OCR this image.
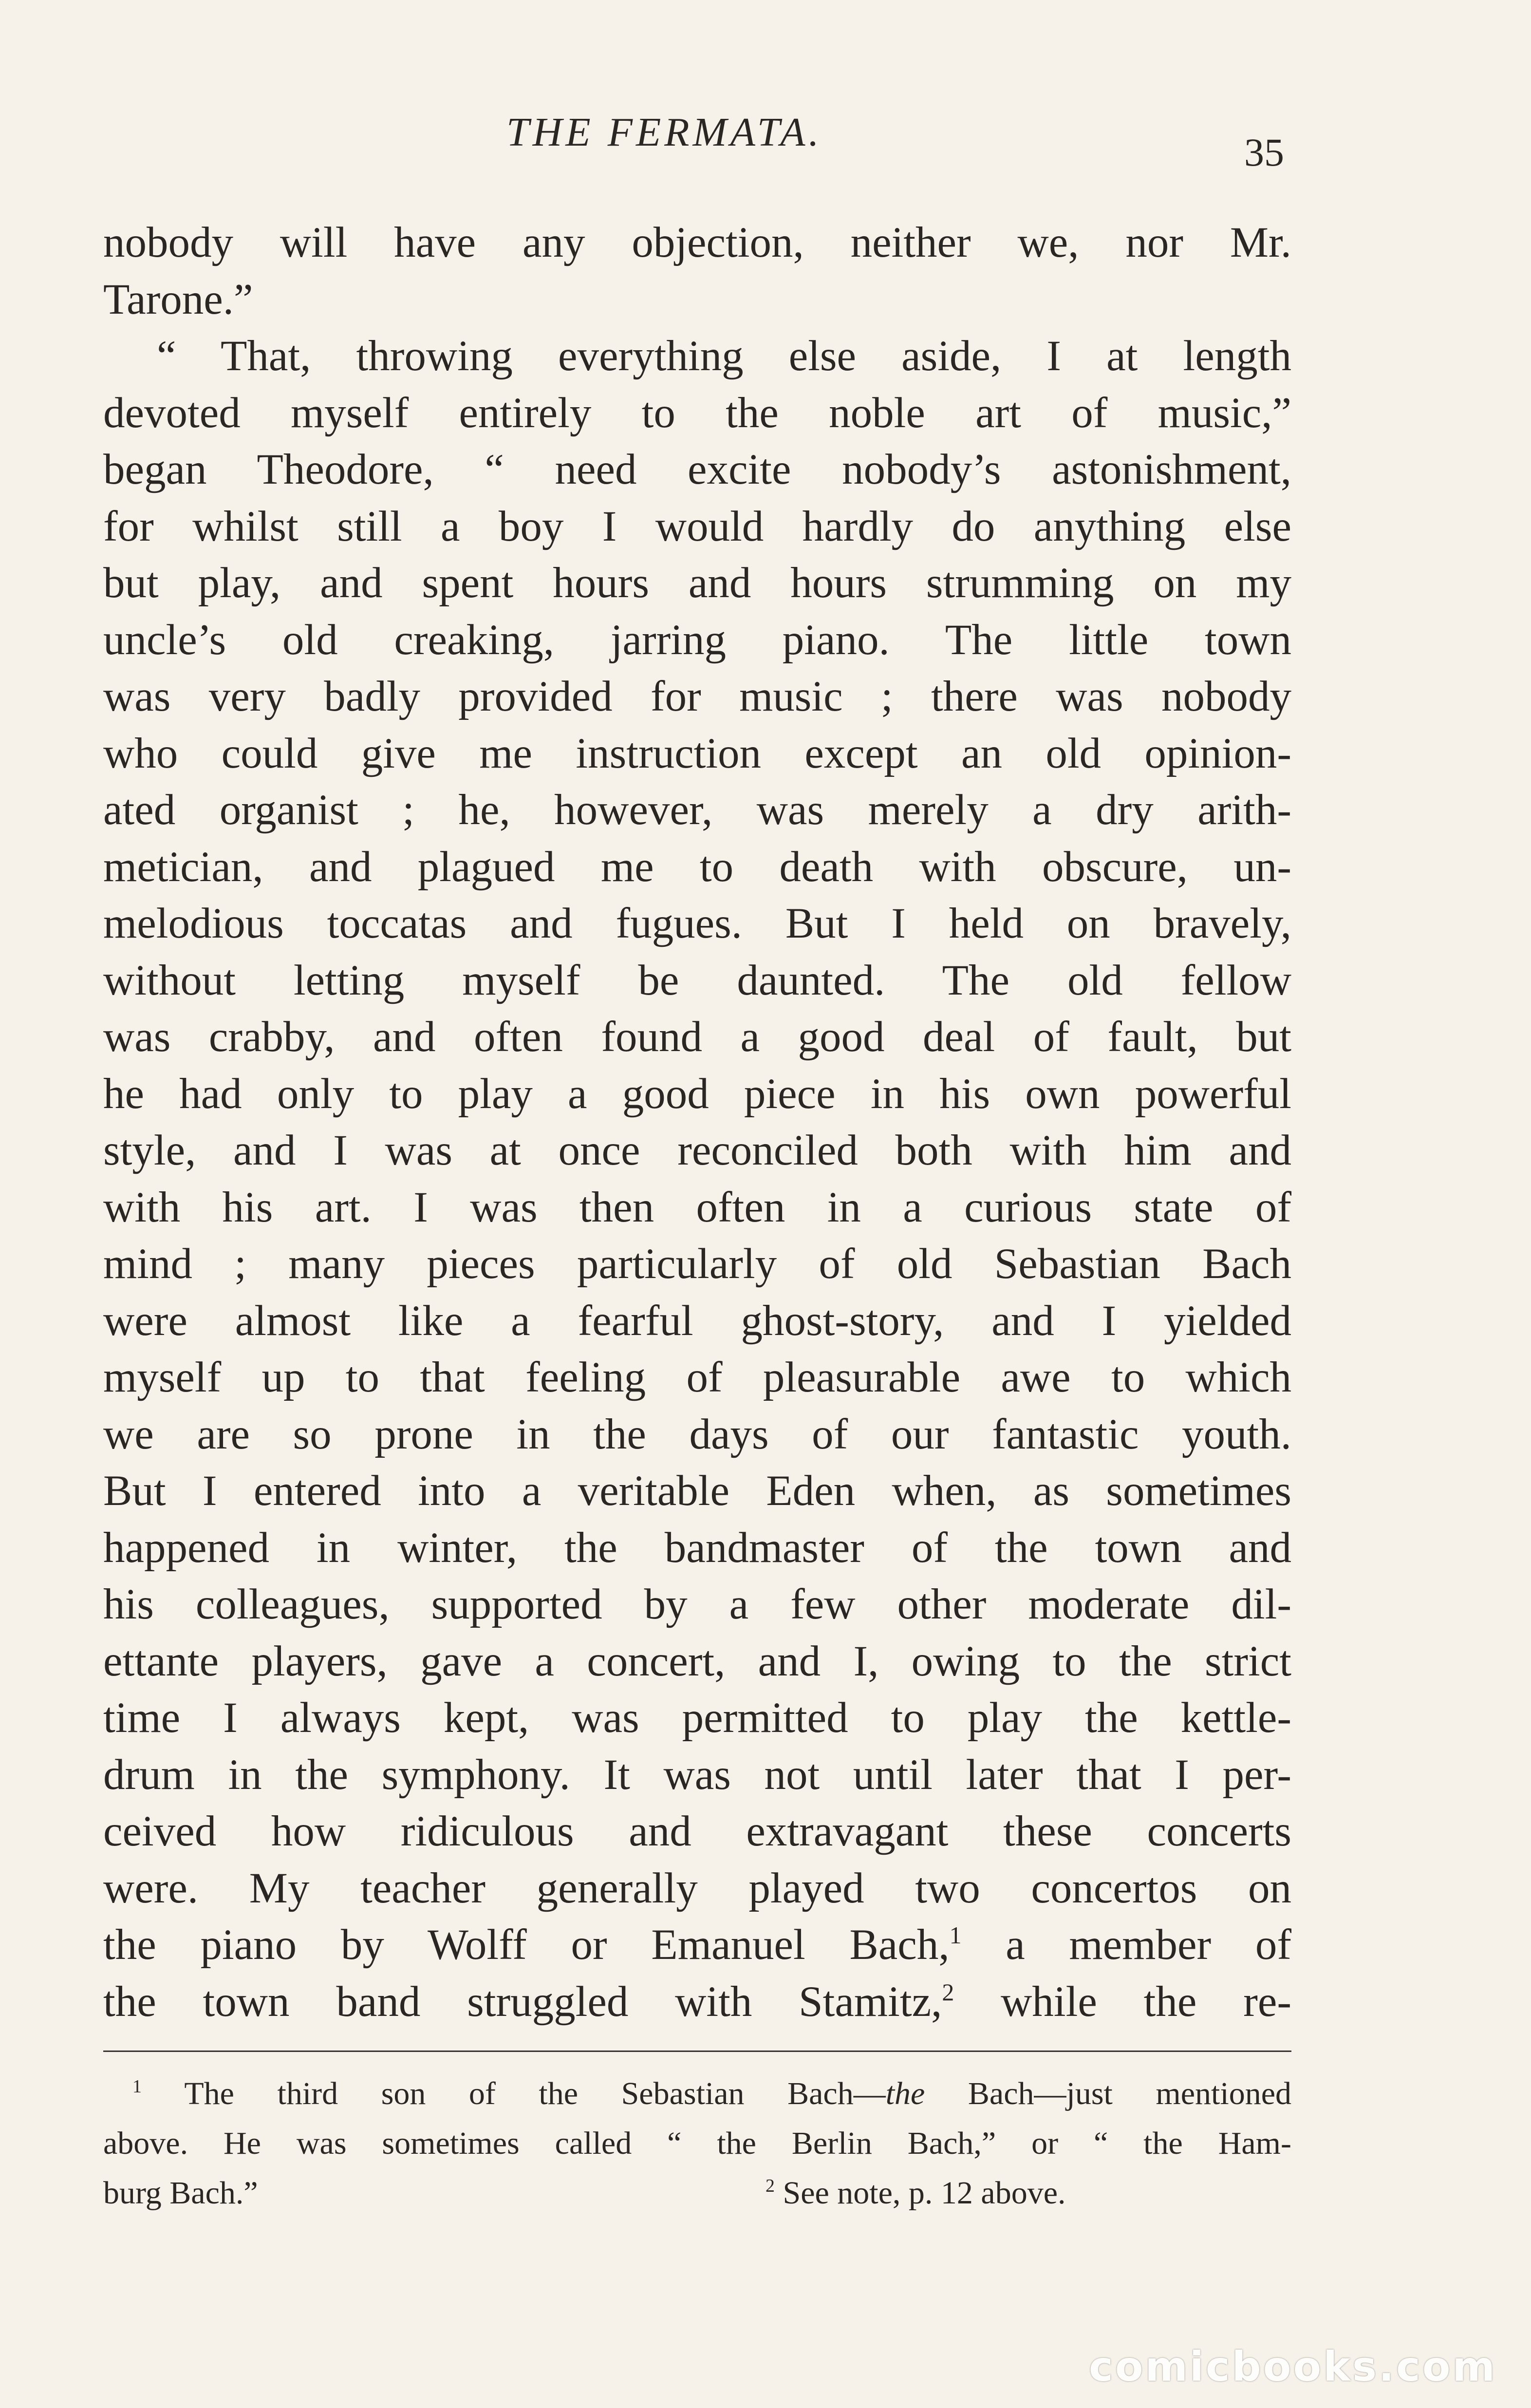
THE FERMATA.	35
nobody will have any objection, neither we, nor Mr.
Tarone.”
“ That, throwing everything else aside, I at length
devoted myself entirely to the noble art of music,”
began Theodore, “ need excite nobody’s astonishment,
for whilst still a boy I would hardly do anything else
but play, and spent hours and hours strumming on my
uncle’s old creaking, jarring piano. The little town
was very badly provided for music ; there was nobody
who could give me instruction except an old opinion-
ated organist ; he, however, was merely a dry arith-
metician, and plagued me to death with obscure, un-
melodious toccatas and fugues. But I held on bravely,
without letting myself be daunted. The old fellow
was crabby, and often found a good deal of fault, but
he had only to play a good piece in his own powerful
style, and I was at once reconciled both with him and
with his art. I was then often in a curious state of
mind ; many pieces particularly of old Sebastian Bach
were almost like a fearful ghost-story, and I yielded
myself up to that feeling of pleasurable awe to which
we are so prone in the days of our fantastic youth.
But I entered into a veritable Eden when, as sometimes
happened in winter, the bandmaster of the town and
his colleagues, supported by a few other moderate dil-
ettante players, gave a concert, and I, owing to the strict
time I always kept, was permitted to play the kettle-
drum in the symphony. It was not until later that I per-
ceived how ridiculous and extravagant these concerts
were. My teacher generally played two concertos on
the piano by Wolff or Emanuel Bach,$^1$ a member of
the town band struggled with Stamitz,$^2$ while the re-
$^1$ The third son of the Sebastian Bach—the Bach—just mentioned
above. He was sometimes called “ the Berlin Bach,” or “ the Ham-
burg Bach.”	$^2$ See note, p. 12 above.
comicbooks.com
